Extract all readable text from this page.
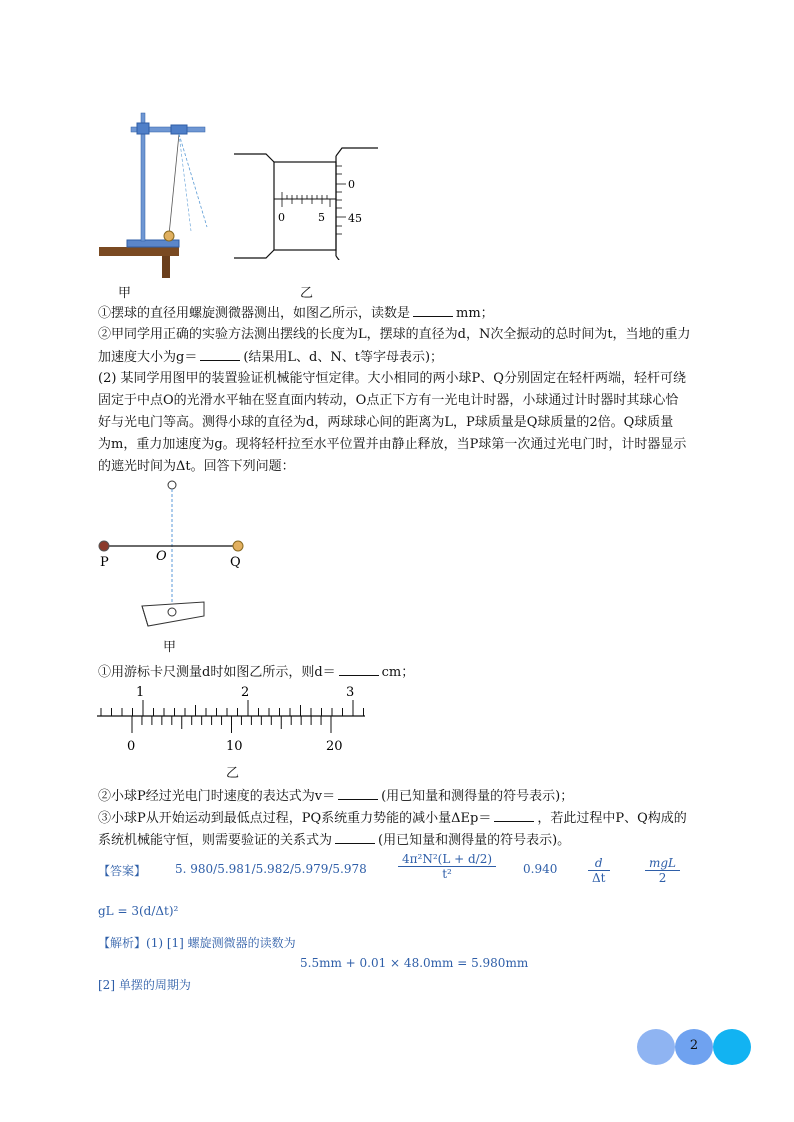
甲
0	5
0
45
乙
①摆球的直径用螺旋测微器测出，如图乙所示，读数是	mm；
②甲同学用正确的实验方法测出摆线的长度为L，摆球的直径为d，N次全振动的总时间为t，当地的重力
加速度大小为g＝	(结果用L、d、N、t等字母表示)；
(2) 某同学用图甲的装置验证机械能守恒定律。大小相同的两小球P、Q分别固定在轻杆两端，轻杆可绕
固定于中点O的光滑水平轴在竖直面内转动，O点正下方有一光电计时器，小球通过计时器时其球心恰
好与光电门等高。测得小球的直径为d，两球球心间的距离为L，P球质量是Q球质量的2倍。Q球质量
为m，重力加速度为g。现将轻杆拉至水平位置并由静止释放，当P球第一次通过光电门时，计时器显示
的遮光时间为Δt。回答下列问题：
P	O	Q
甲
①用游标卡尺测量d时如图乙所示，则d＝	cm；
1	2	3
0	10	20
乙
②小球P经过光电门时速度的表达式为v＝	(用已知量和测得量的符号表示)；
③小球P从开始运动到最低点过程，PQ系统重力势能的减小量ΔEp＝	，若此过程中P、Q构成的
系统机械能守恒，则需要验证的关系式为	(用已知量和测得量的符号表示)。
【答案】 5. 980/5.981/5.982/5.979/5.978	$\frac{\text{4π²N²(L + d/2)}}{\text{t²}} 0.940$	$\frac{d}{\Delta t}$	$\frac{\text{mgL}}{2}$
gL = 3(d/Δt)²
【解析】(1) [1] 螺旋测微器的读数为
5.5mm + 0.01 × 48.0mm = 5.980mm
[2] 单摆的周期为
2
